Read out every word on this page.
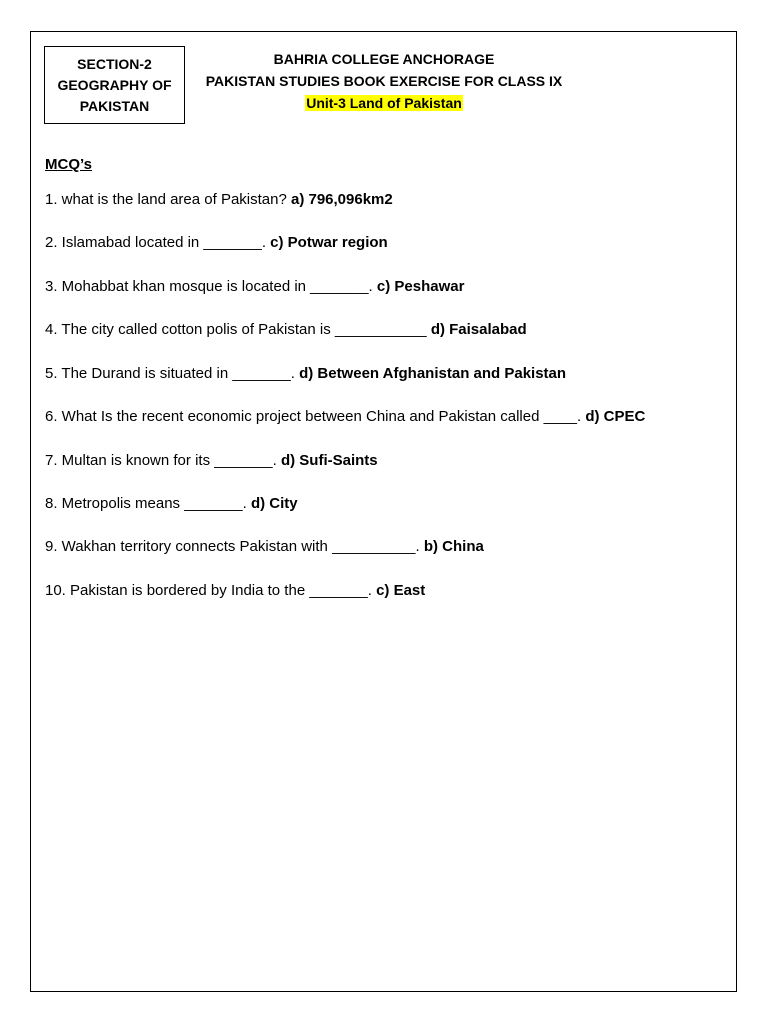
SECTION-2
GEOGRAPHY OF
PAKISTAN
BAHRIA COLLEGE ANCHORAGE
PAKISTAN STUDIES BOOK EXERCISE FOR CLASS IX
Unit-3 Land of Pakistan
MCQ’s
1. what is the land area of Pakistan? a) 796,096km2
2. Islamabad located in _______. c) Potwar region
3. Mohabbat khan mosque is located in _______. c) Peshawar
4. The city called cotton polis of Pakistan is ___________ d) Faisalabad
5. The Durand is situated in _______. d) Between Afghanistan and Pakistan
6. What Is the recent economic project between China and Pakistan called ____. d) CPEC
7. Multan is known for its _______. d) Sufi-Saints
8. Metropolis means _______. d) City
9. Wakhan territory connects Pakistan with __________. b) China
10. Pakistan is bordered by India to the _______. c) East
